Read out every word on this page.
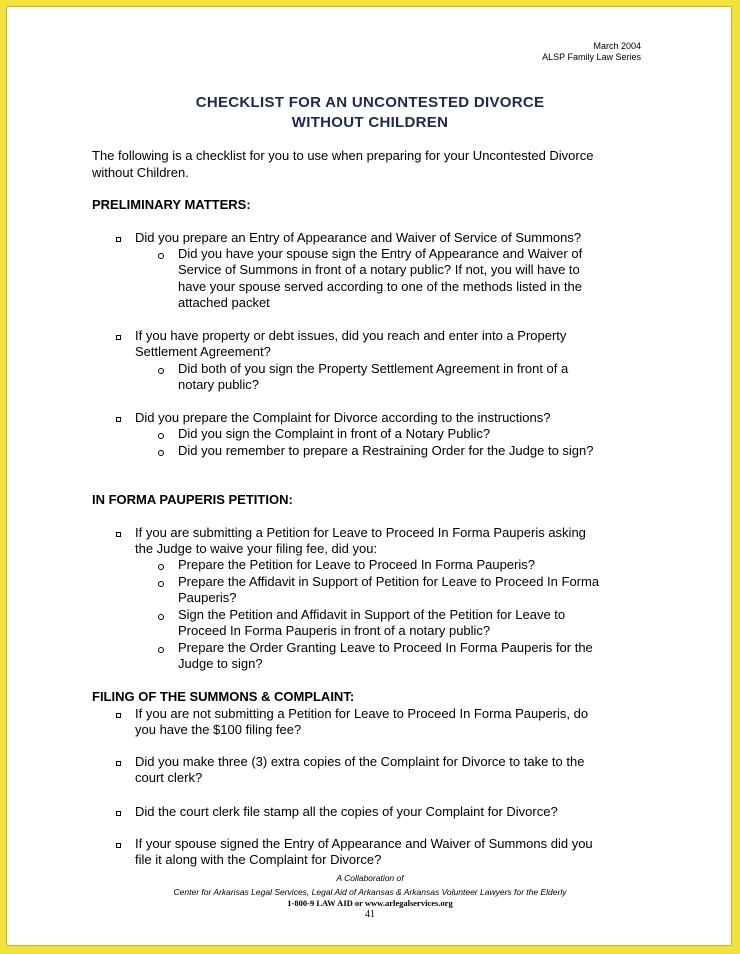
March 2004
ALSP Family Law Series
CHECKLIST FOR AN UNCONTESTED DIVORCE
WITHOUT CHILDREN
The following is a checklist for you to use when preparing for your Uncontested Divorce
without Children.
PRELIMINARY MATTERS:
Did you prepare an Entry of Appearance and Waiver of Service of Summons?
Did you have your spouse sign the Entry of Appearance and Waiver of
Service of Summons in front of a notary public? If not, you will have to
have your spouse served according to one of the methods listed in the
attached packet
If you have property or debt issues, did you reach and enter into a Property
Settlement Agreement?
Did both of you sign the Property Settlement Agreement in front of a
notary public?
Did you prepare the Complaint for Divorce according to the instructions?
Did you sign the Complaint in front of a Notary Public?
Did you remember to prepare a Restraining Order for the Judge to sign?
IN FORMA PAUPERIS PETITION:
If you are submitting a Petition for Leave to Proceed In Forma Pauperis asking
the Judge to waive your filing fee, did you:
Prepare the Petition for Leave to Proceed In Forma Pauperis?
Prepare the Affidavit in Support of Petition for Leave to Proceed In Forma
Pauperis?
Sign the Petition and Affidavit in Support of the Petition for Leave to
Proceed In Forma Pauperis in front of a notary public?
Prepare the Order Granting Leave to Proceed In Forma Pauperis for the
Judge to sign?
FILING OF THE SUMMONS & COMPLAINT:
If you are not submitting a Petition for Leave to Proceed In Forma Pauperis, do
you have the $100 filing fee?
Did you make three (3) extra copies of the Complaint for Divorce to take to the
court clerk?
Did the court clerk file stamp all the copies of your Complaint for Divorce?
If your spouse signed the Entry of Appearance and Waiver of Summons did you
file it along with the Complaint for Divorce?
A Collaboration of
Center for Arkansas Legal Services, Legal Aid of Arkansas & Arkansas Volunteer Lawyers for the Elderly
1-800-9 LAW AID or www.arlegalservices.org
41
